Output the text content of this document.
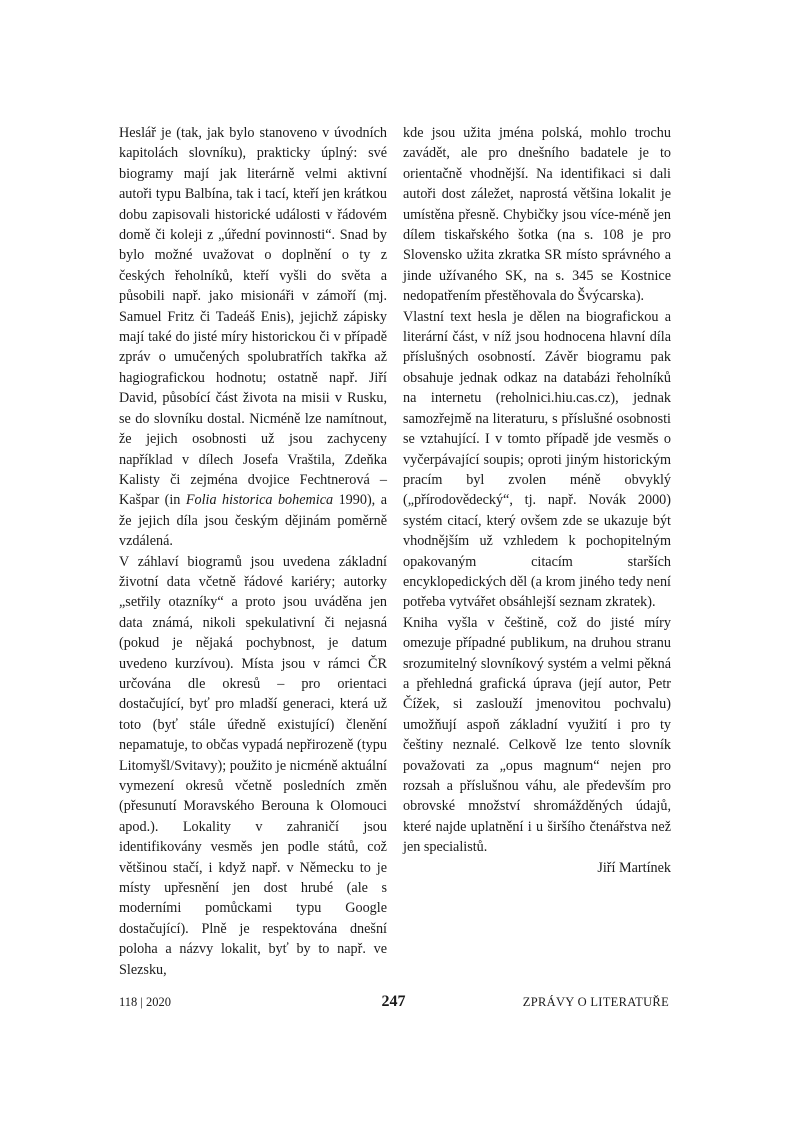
Heslář je (tak, jak bylo stanoveno v úvodních kapitolách slovníku), prakticky úplný: své biogramy mají jak literárně velmi aktivní autoři typu Balbína, tak i tací, kteří jen krátkou dobu zapisovali historické události v řádovém domě či koleji z „úřední povinnosti“. Snad by bylo možné uvažovat o doplnění o ty z českých řeholníků, kteří vyšli do světa a působili např. jako misionáři v zámoří (mj. Samuel Fritz či Tadeáš Enis), jejichž zápisky mají také do jisté míry historickou či v případě zpráv o umučených spolubratřích takřka až hagiografickou hodnotu; ostatně např. Jiří David, působící část života na misii v Rusku, se do slovníku dostal. Nicméně lze namítnout, že jejich osobnosti už jsou zachyceny například v dílech Josefa Vraštila, Zdeňka Kalisty či zejména dvojice Fechtnerová – Kašpar (in Folia historica bohemica 1990), a že jejich díla jsou českým dějinám poměrně vzdálená.

V záhlaví biogramů jsou uvedena základní životní data včetně řádové kariéry; autorky „setřily otazníky“ a proto jsou uváděna jen data známá, nikoli spekulativní či nejasná (pokud je nějaká pochybnost, je datum uvedeno kurzívou). Místa jsou v rámci ČR určována dle okresů – pro orientaci dostačující, byť pro mladší generaci, která už toto (byť stále úředně existující) členění nepamatuje, to občas vypadá nepřirozeně (typu Litomyšl/Svitavy); použito je nicméně aktuální vymezení okresů včetně posledních změn (přesunutí Moravského Berouna k Olomouci apod.). Lokality v zahraničí jsou identifikovány vesměs jen podle států, což většinou stačí, i když např. v Německu to je místy upřesnění jen dost hrubé (ale s moderními pomůckami typu Google dostačující). Plně je respektována dnešní poloha a názvy lokalit, byť by to např. ve Slezsku,

kde jsou užita jména polská, mohlo trochu zavádět, ale pro dnešního badatele je to orientačně vhodnější. Na identifikaci si dali autoři dost záležet, naprostá většina lokalit je umístěna přesně. Chybičky jsou více-méně jen dílem tiskařského šotka (na s. 108 je pro Slovensko užita zkratka SR místo správného a jinde užívaného SK, na s. 345 se Kostnice nedopatřením přestěhovala do Švýcarska).

Vlastní text hesla je dělen na biografickou a literární část, v níž jsou hodnocena hlavní díla příslušných osobností. Závěr biogramu pak obsahuje jednak odkaz na databázi řeholníků na internetu (reholnici.hiu.cas.cz), jednak samozřejmě na literaturu, s příslušné osobnosti se vztahující. I v tomto případě jde vesměs o vyčerpávající soupis; oproti jiným historickým pracím byl zvolen méně obvyklý („přírodovědecký“, tj. např. Novák 2000) systém citací, který ovšem zde se ukazuje být vhodnějším už vzhledem k pochopitelným opakovaným citacím starších encyklopedických děl (a krom jiného tedy není potřeba vytvářet obsáhlejší seznam zkratek).

Kniha vyšla v češtině, což do jisté míry omezuje případné publikum, na druhou stranu srozumitelný slovníkový systém a velmi pěkná a přehledná grafická úprava (její autor, Petr Čížek, si zaslouží jmenovitou pochvalu) umožňují aspoň základní využití i pro ty češtiny neznalé. Celkově lze tento slovník považovati za „opus magnum“ nejen pro rozsah a příslušnou váhu, ale především pro obrovské množství shromážděných údajů, které najde uplatnění i u širšího čtenářstva než jen specialistů.

Jiří Martínek

118 | 2020	247	ZPRÁVY O LITERATUŘE
